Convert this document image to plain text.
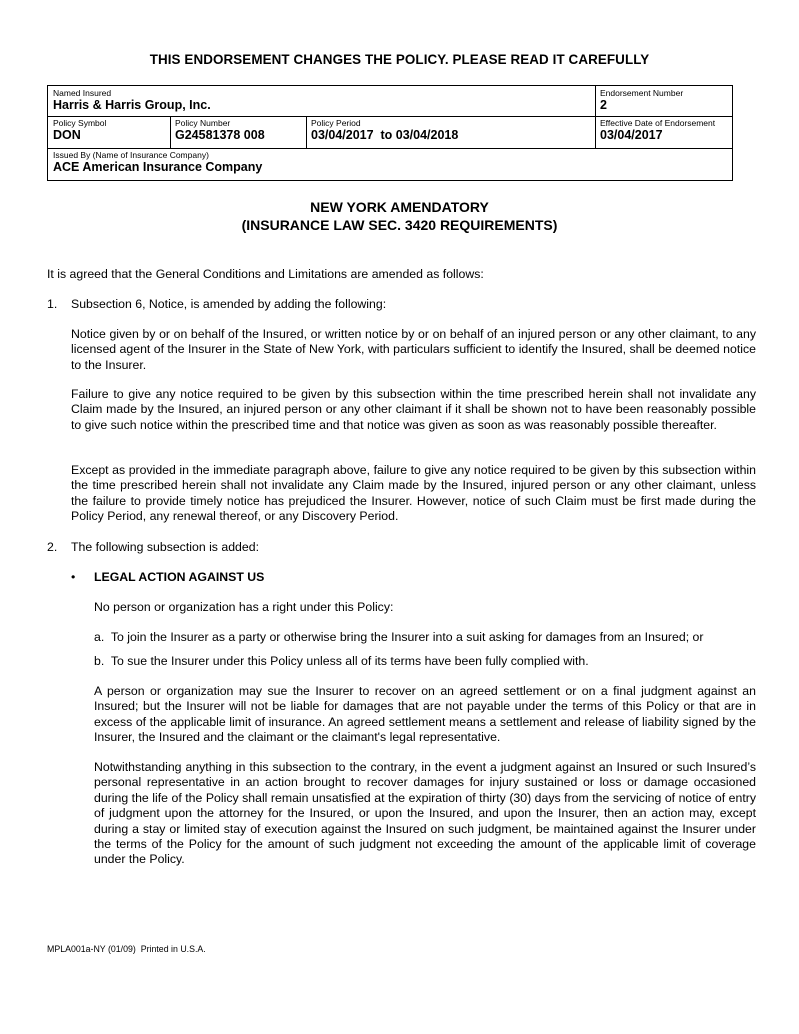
THIS ENDORSEMENT CHANGES THE POLICY. PLEASE READ IT CAREFULLY
Named Insured
Harris & Harris Group, Inc.
Endorsement Number
2
Policy Symbol
DON
Policy Number
G24581378 008
Policy Period
03/04/2017  to 03/04/2018
Effective Date of Endorsement
03/04/2017
Issued By (Name of Insurance Company)
ACE American Insurance Company
NEW YORK AMENDATORY
(INSURANCE LAW SEC. 3420 REQUIREMENTS)
It is agreed that the General Conditions and Limitations are amended as follows:
1. Subsection 6, Notice, is amended by adding the following:
Notice given by or on behalf of the Insured, or written notice by or on behalf of an injured person or any other claimant, to any licensed agent of the Insurer in the State of New York, with particulars sufficient to identify the Insured, shall be deemed notice to the Insurer.
Failure to give any notice required to be given by this subsection within the time prescribed herein shall not invalidate any Claim made by the Insured, an injured person or any other claimant if it shall be shown not to have been reasonably possible to give such notice within the prescribed time and that notice was given as soon as was reasonably possible thereafter.
Except as provided in the immediate paragraph above, failure to give any notice required to be given by this subsection within the time prescribed herein shall not invalidate any Claim made by the Insured, injured person or any other claimant, unless the failure to provide timely notice has prejudiced the Insurer. However, notice of such Claim must be first made during the Policy Period, any renewal thereof, or any Discovery Period.
2. The following subsection is added:
• LEGAL ACTION AGAINST US
No person or organization has a right under this Policy:
a.  To join the Insurer as a party or otherwise bring the Insurer into a suit asking for damages from an Insured; or
b.  To sue the Insurer under this Policy unless all of its terms have been fully complied with.
A person or organization may sue the Insurer to recover on an agreed settlement or on a final judgment against an Insured; but the Insurer will not be liable for damages that are not payable under the terms of this Policy or that are in excess of the applicable limit of insurance. An agreed settlement means a settlement and release of liability signed by the Insurer, the Insured and the claimant or the claimant's legal representative.
Notwithstanding anything in this subsection to the contrary, in the event a judgment against an Insured or such Insured’s personal representative in an action brought to recover damages for injury sustained or loss or damage occasioned during the life of the Policy shall remain unsatisfied at the expiration of thirty (30) days from the servicing of notice of entry of judgment upon the attorney for the Insured, or upon the Insured, and upon the Insurer, then an action may, except during a stay or limited stay of execution against the Insured on such judgment, be maintained against the Insurer under the terms of the Policy for the amount of such judgment not exceeding the amount of the applicable limit of coverage under the Policy.
MPLA001a-NY (01/09)  Printed in U.S.A.
